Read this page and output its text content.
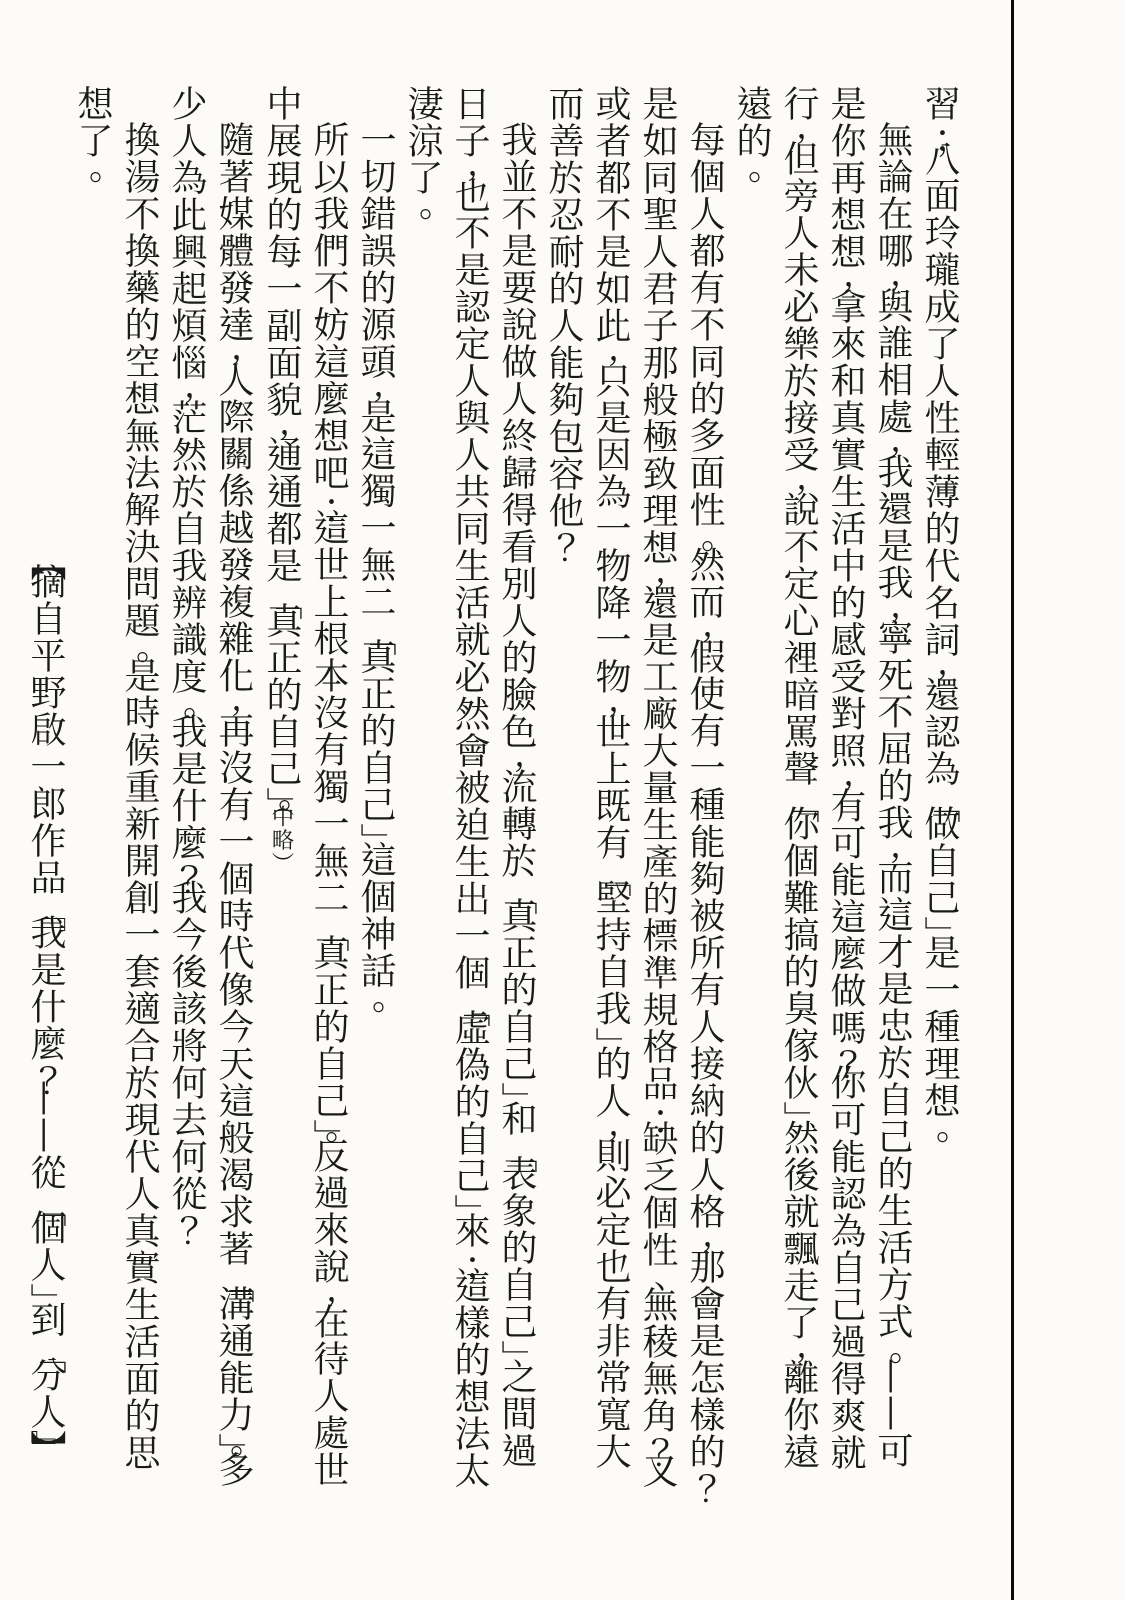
習；八面玲瓏成了人性輕薄的代名詞，還認為「做自己」是一種理想。

無論在哪，與誰相處，我還是我，寧死不屈的我，而這才是忠於自己的生活方式。——可是你再想想，拿來和真實生活中的感受對照，有可能這麼做嗎？你可能認為自己過得爽就行，但旁人未必樂於接受，說不定心裡暗罵聲「你個難搞的臭傢伙」然後就飄走了，離你遠遠的。

每個人都有不同的多面性。然而，假使有一種能夠被所有人接納的人格，那會是怎樣的？是如同聖人君子那般極致理想，還是工廠大量生產的標準規格品：缺乏個性、無稜無角？又或者都不是如此，只是因為一物降一物，世上既有「堅持自我」的人，則必定也有非常寬大而善於忍耐的人能夠包容他？

我並不是要說做人終歸得看別人的臉色，流轉於「真正的自己」和「表象的自己」之間過日子，也不是認定人與人共同生活就必然會被迫生出一個「虛偽的自己」來；這樣的想法太淒涼了。

一切錯誤的源頭，是這獨一無二「真正的自己」這個神話。

所以我們不妨這麼想吧：這世上根本沒有獨一無二「真正的自己。反過來說，在待人處世中展現的每一副面貌，通通都是「真正的自己。（中略）

隨著媒體發達，人際關係越發複雜化，再沒有一個時代像今天這般渴求著「溝通能力。多少人為此興起煩惱，茫然於自我辨識度。我是什麼？我今後該將何去何從？

換湯不換藥的空想無法解決問題。是時候重新開創一套適合於現代人真實生活面的思想了。

【摘自平野啟一郎作品『我是什麼？——從「個人」到「分人】
